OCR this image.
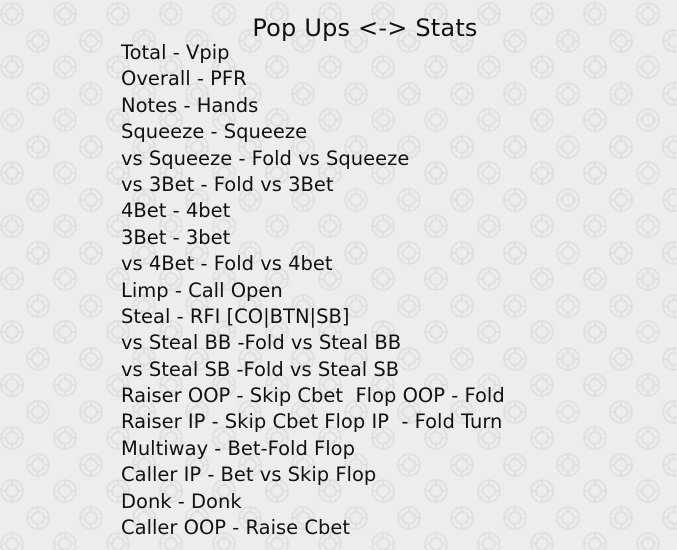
Pop Ups <-> Stats
Total - Vpip
Overall - PFR
Notes - Hands
Squeeze - Squeeze
vs Squeeze - Fold vs Squeeze
vs 3Bet - Fold vs 3Bet
4Bet - 4bet
3Bet - 3bet
vs 4Bet - Fold vs 4bet
Limp - Call Open
Steal - RFI [CO|BTN|SB]
vs Steal BB -Fold vs Steal BB
vs Steal SB -Fold vs Steal SB
Raiser OOP - Skip Cbet  Flop OOP - Fold
Raiser IP - Skip Cbet Flop IP  - Fold Turn
Multiway - Bet-Fold Flop
Caller IP - Bet vs Skip Flop
Donk - Donk
Caller OOP - Raise Cbet
